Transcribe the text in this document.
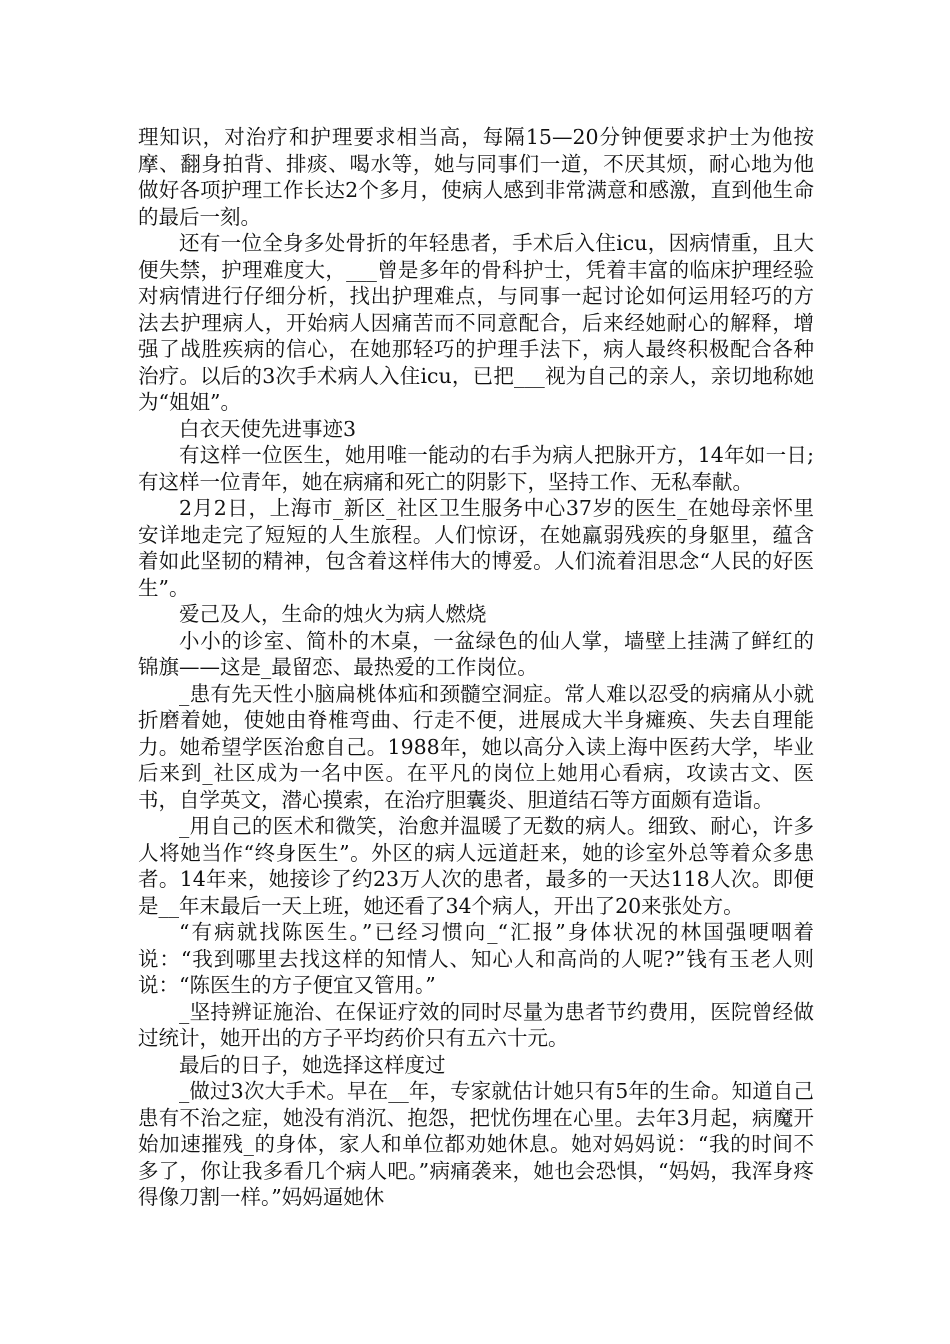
理知识，对治疗和护理要求相当高，每隔15—20分钟便要求护士为他按摩、翻身拍背、排痰、喝水等，她与同事们一道，不厌其烦，耐心地为他做好各项护理工作长达2个多月，使病人感到非常满意和感激，直到他生命的最后一刻。

还有一位全身多处骨折的年轻患者，手术后入住icu，因病情重，且大便失禁，护理难度大，___曾是多年的骨科护士，凭着丰富的临床护理经验对病情进行仔细分析，找出护理难点，与同事一起讨论如何运用轻巧的方法去护理病人，开始病人因痛苦而不同意配合，后来经她耐心的解释，增强了战胜疾病的信心，在她那轻巧的护理手法下，病人最终积极配合各种治疗。以后的3次手术病人入住icu，已把___视为自己的亲人，亲切地称她为“姐姐”。

白衣天使先进事迹3

有这样一位医生，她用唯一能动的右手为病人把脉开方，14年如一日;有这样一位青年，她在病痛和死亡的阴影下，坚持工作、无私奉献。

2月2日，上海市_新区_社区卫生服务中心37岁的医生_在她母亲怀里安详地走完了短短的人生旅程。人们惊讶，在她羸弱残疾的身躯里，蕴含着如此坚韧的精神，包含着这样伟大的博爱。人们流着泪思念“人民的好医生”。

爱己及人，生命的烛火为病人燃烧

小小的诊室、简朴的木桌，一盆绿色的仙人掌，墙壁上挂满了鲜红的锦旗——这是_最留恋、最热爱的工作岗位。

_患有先天性小脑扁桃体疝和颈髓空洞症。常人难以忍受的病痛从小就折磨着她，使她由脊椎弯曲、行走不便，进展成大半身瘫痪、失去自理能力。她希望学医治愈自己。1988年，她以高分入读上海中医药大学，毕业后来到_社区成为一名中医。在平凡的岗位上她用心看病，攻读古文、医书，自学英文，潜心摸索，在治疗胆囊炎、胆道结石等方面颇有造诣。

_用自己的医术和微笑，治愈并温暖了无数的病人。细致、耐心，许多人将她当作“终身医生”。外区的病人远道赶来，她的诊室外总等着众多患者。14年来，她接诊了约23万人次的患者，最多的一天达118人次。即便是__年末最后一天上班，她还看了34个病人，开出了20来张处方。

“有病就找陈医生。”已经习惯向_“汇报”身体状况的林国强哽咽着说：“我到哪里去找这样的知情人、知心人和高尚的人呢?”钱有玉老人则说：“陈医生的方子便宜又管用。”

_坚持辨证施治、在保证疗效的同时尽量为患者节约费用，医院曾经做过统计，她开出的方子平均药价只有五六十元。

最后的日子，她选择这样度过

_做过3次大手术。早在__年，专家就估计她只有5年的生命。知道自己患有不治之症，她没有消沉、抱怨，把忧伤埋在心里。去年3月起，病魔开始加速摧残_的身体，家人和单位都劝她休息。她对妈妈说：“我的时间不多了，你让我多看几个病人吧。”病痛袭来，她也会恐惧，“妈妈，我浑身疼得像刀割一样。”妈妈逼她休
